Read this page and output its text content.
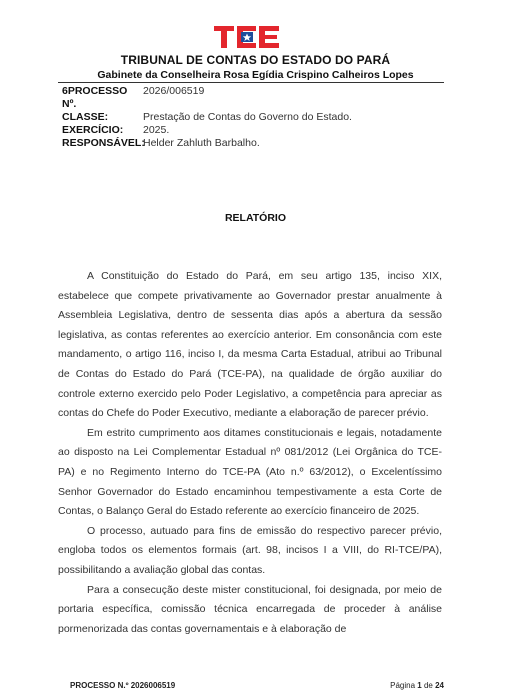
TRIBUNAL DE CONTAS DO ESTADO DO PARÁ
Gabinete da Conselheira Rosa Egídia Crispino Calheiros Lopes
6PROCESSO
Nº.
2026/006519
CLASSE:	Prestação de Contas do Governo do Estado.
EXERCÍCIO: 2025.
RESPONSÁVEL:
Helder Zahluth Barbalho.
RELATÓRIO

A Constituição do Estado do Pará, em seu artigo 135, inciso XIX, estabelece que compete privativamente ao Governador prestar anualmente à Assembleia Legislativa, dentro de sessenta dias após a abertura da sessão legislativa, as contas referentes ao exercício anterior. Em consonância com este mandamento, o artigo 116, inciso I, da mesma Carta Estadual, atribui ao Tribunal de Contas do Estado do Pará (TCE-PA), na qualidade de órgão auxiliar do controle externo exercido pelo Poder Legislativo, a competência para apreciar as contas do Chefe do Poder Executivo, mediante a elaboração de parecer prévio.

Em estrito cumprimento aos ditames constitucionais e legais, notadamente ao disposto na Lei Complementar Estadual nº 081/2012 (Lei Orgânica do TCE-PA) e no Regimento Interno do TCE-PA (Ato n.º 63/2012), o Excelentíssimo Senhor Governador do Estado encaminhou tempestivamente a esta Corte de Contas, o Balanço Geral do Estado referente ao exercício financeiro de 2025.

O processo, autuado para fins de emissão do respectivo parecer prévio, engloba todos os elementos formais (art. 98, incisos I a VIII, do RI-TCE/PA), possibilitando a avaliação global das contas.

Para a consecução deste mister constitucional, foi designada, por meio de portaria específica, comissão técnica encarregada de proceder à análise pormenorizada das contas governamentais e à elaboração de

PROCESSO N.º 2026006519	Página 1 de 24
